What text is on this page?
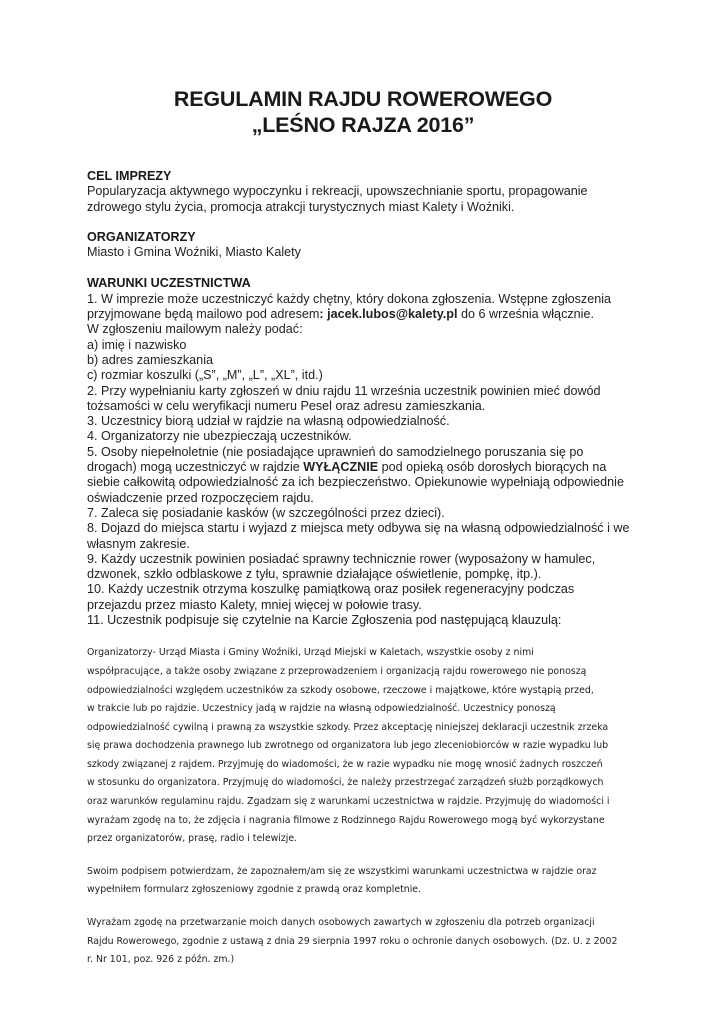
REGULAMIN RAJDU ROWEROWEGO

„LEŚNO RAJZA 2016”

CEL IMPREZY

Popularyzacja aktywnego wypoczynku i rekreacji, upowszechnianie sportu, propagowanie
zdrowego stylu życia, promocja atrakcji turystycznych miast Kalety i Woźniki.

ORGANIZATORZY

Miasto i Gmina Woźniki, Miasto Kalety

WARUNKI UCZESTNICTWA

1. W imprezie może uczestniczyć każdy chętny, który dokona zgłoszenia. Wstępne zgłoszenia
przyjmowane będą mailowo pod adresem: jacek.lubos@kalety.pl do 6 września włącznie.
W zgłoszeniu mailowym należy podać:
a) imię i nazwisko
b) adres zamieszkania
c) rozmiar koszulki („S”, „M”, „L”, „XL”, itd.)
2. Przy wypełnianiu karty zgłoszeń w dniu rajdu 11 września uczestnik powinien mieć dowód
tożsamości w celu weryfikacji numeru Pesel oraz adresu zamieszkania.
3. Uczestnicy biorą udział w rajdzie na własną odpowiedzialność.
4. Organizatorzy nie ubezpieczają uczestników.
5. Osoby niepełnoletnie (nie posiadające uprawnień do samodzielnego poruszania się po
drogach) mogą uczestniczyć w rajdzie WYŁĄCZNIE pod opieką osób dorosłych biorących na
siebie całkowitą odpowiedzialność za ich bezpieczeństwo. Opiekunowie wypełniają odpowiednie
oświadczenie przed rozpoczęciem rajdu.
7. Zaleca się posiadanie kasków (w szczególności przez dzieci).
8. Dojazd do miejsca startu i wyjazd z miejsca mety odbywa się na własną odpowiedzialność i we
własnym zakresie.
9. Każdy uczestnik powinien posiadać sprawny technicznie rower (wyposażony w hamulec,
dzwonek, szkło odblaskowe z tyłu, sprawnie działające oświetlenie, pompkę, itp.).
10. Każdy uczestnik otrzyma koszulkę pamiątkową oraz posiłek regeneracyjny podczas
przejazdu przez miasto Kalety, mniej więcej w połowie trasy.
11. Uczestnik podpisuje się czytelnie na Karcie Zgłoszenia pod następującą klauzulą:

Organizatorzy- Urząd Miasta i Gminy Woźniki, Urząd Miejski w Kaletach, wszystkie osoby z nimi
współpracujące, a także osoby związane z przeprowadzeniem i organizacją rajdu rowerowego nie ponoszą
odpowiedzialności względem uczestników za szkody osobowe, rzeczowe i majątkowe, które wystąpią przed,
w trakcie lub po rajdzie. Uczestnicy jadą w rajdzie na własną odpowiedzialność. Uczestnicy ponoszą
odpowiedzialność cywilną i prawną za wszystkie szkody. Przez akceptację niniejszej deklaracji uczestnik zrzeka
się prawa dochodzenia prawnego lub zwrotnego od organizatora lub jego zleceniobiorców w razie wypadku lub
szkody związanej z rajdem. Przyjmuję do wiadomości, że w razie wypadku nie mogę wnosić żadnych roszczeń
w stosunku do organizatora. Przyjmuję do wiadomości, że należy przestrzegać zarządzeń służb porządkowych
oraz warunków regulaminu rajdu. Zgadzam się z warunkami uczestnictwa w rajdzie. Przyjmuję do wiadomości i
wyrażam zgodę na to, że zdjęcia i nagrania filmowe z Rodzinnego Rajdu Rowerowego mogą być wykorzystane
przez organizatorów, prasę, radio i telewizje.

Swoim podpisem potwierdzam, że zapoznałem/am się ze wszystkimi warunkami uczestnictwa w rajdzie oraz
wypełniłem formularz zgłoszeniowy zgodnie z prawdą oraz kompletnie.

Wyrażam zgodę na przetwarzanie moich danych osobowych zawartych w zgłoszeniu dla potrzeb organizacji
Rajdu Rowerowego, zgodnie z ustawą z dnia 29 sierpnia 1997 roku o ochronie danych osobowych. (Dz. U. z 2002
r. Nr 101, poz. 926 z późn. zm.)
